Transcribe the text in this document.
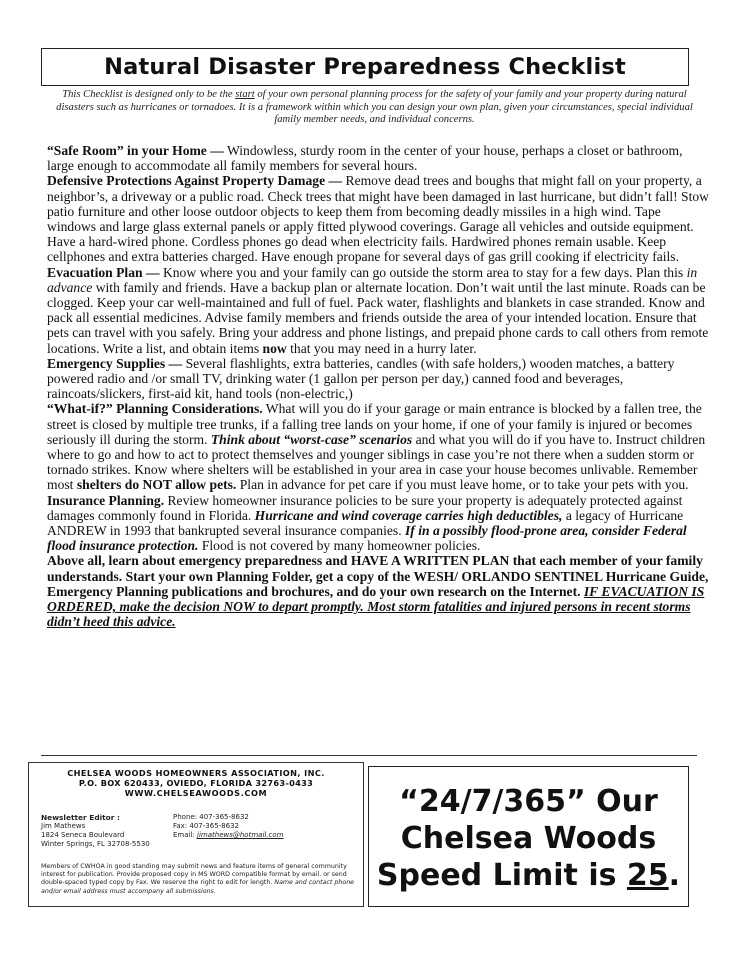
Natural Disaster Preparedness Checklist
This Checklist is designed only to be the start of your own personal planning process for the safety of your family and your property during natural disasters such as hurricanes or tornadoes. It is a framework within which you can design your own plan, given your circumstances, special individual family member needs, and individual concerns.

“Safe Room” in your Home — Windowless, sturdy room in the center of your house, perhaps a closet or bathroom, large enough to accommodate all family members for several hours.

Defensive Protections Against Property Damage — Remove dead trees and boughs that might fall on your property, a neighbor’s, a driveway or a public road. Check trees that might have been damaged in last hurricane, but didn’t fall! Stow patio furniture and other loose outdoor objects to keep them from becoming deadly missiles in a high wind. Tape windows and large glass external panels or apply fitted plywood coverings. Garage all vehicles and outside equipment. Have a hard-wired phone. Cordless phones go dead when electricity fails. Hardwired phones remain usable. Keep cellphones and extra batteries charged. Have enough propane for several days of gas grill cooking if electricity fails.

Evacuation Plan — Know where you and your family can go outside the storm area to stay for a few days. Plan this in advance with family and friends. Have a backup plan or alternate location. Don’t wait until the last minute. Roads can be clogged. Keep your car well-maintained and full of fuel. Pack water, flashlights and blankets in case stranded. Know and pack all essential medicines. Advise family members and friends outside the area of your intended location. Ensure that pets can travel with you safely. Bring your address and phone listings, and prepaid phone cards to call others from remote locations. Write a list, and obtain items now that you may need in a hurry later.

Emergency Supplies — Several flashlights, extra batteries, candles (with safe holders,) wooden matches, a battery powered radio and /or small TV, drinking water (1 gallon per person per day,) canned food and beverages, raincoats/slickers, first-aid kit, hand tools (non-electric,)

“What-if?” Planning Considerations. What will you do if your garage or main entrance is blocked by a fallen tree, the street is closed by multiple tree trunks, if a falling tree lands on your home, if one of your family is injured or becomes seriously ill during the storm. Think about “worst-case” scenarios and what you will do if you have to. Instruct children where to go and how to act to protect themselves and younger siblings in case you’re not there when a sudden storm or tornado strikes. Know where shelters will be established in your area in case your house becomes unlivable. Remember most shelters do NOT allow pets. Plan in advance for pet care if you must leave home, or to take your pets with you.

Insurance Planning. Review homeowner insurance policies to be sure your property is adequately protected against damages commonly found in Florida. Hurricane and wind coverage carries high deductibles, a legacy of Hurricane ANDREW in 1993 that bankrupted several insurance companies. If in a possibly flood-prone area, consider Federal flood insurance protection. Flood is not covered by many homeowner policies.

Above all, learn about emergency preparedness and HAVE A WRITTEN PLAN that each member of your family understands. Start your own Planning Folder, get a copy of the WESH/ ORLANDO SENTINEL Hurricane Guide, Emergency Planning publications and brochures, and do your own research on the Internet. IF EVACUATION IS ORDERED, make the decision NOW to depart promptly. Most storm fatalities and injured persons in recent storms didn’t heed this advice.

CHELSEA WOODS HOMEOWNERS ASSOCIATION, INC.
P.O. BOX 620433, OVIEDO, FLORIDA 32763-0433
WWW.CHELSEAWOODS.COM
Newsletter Editor :
Jim Mathews
1824 Seneca Boulevard
Winter Springs, FL 32708-5530
Phone: 407-365-8632
Fax: 407-365-8632
Email: jimathews@hotmail.com
Members of CWHOA in good standing may submit news and feature items of general community interest for publication. Provide proposed copy in MS WORD compatible format by email. or send double-spaced typed copy by Fax. We reserve the right to edit for length. Name and contact phone and/or email address must accompany all submissions.
“24/7/365” Our
Chelsea Woods
Speed Limit is 25.
